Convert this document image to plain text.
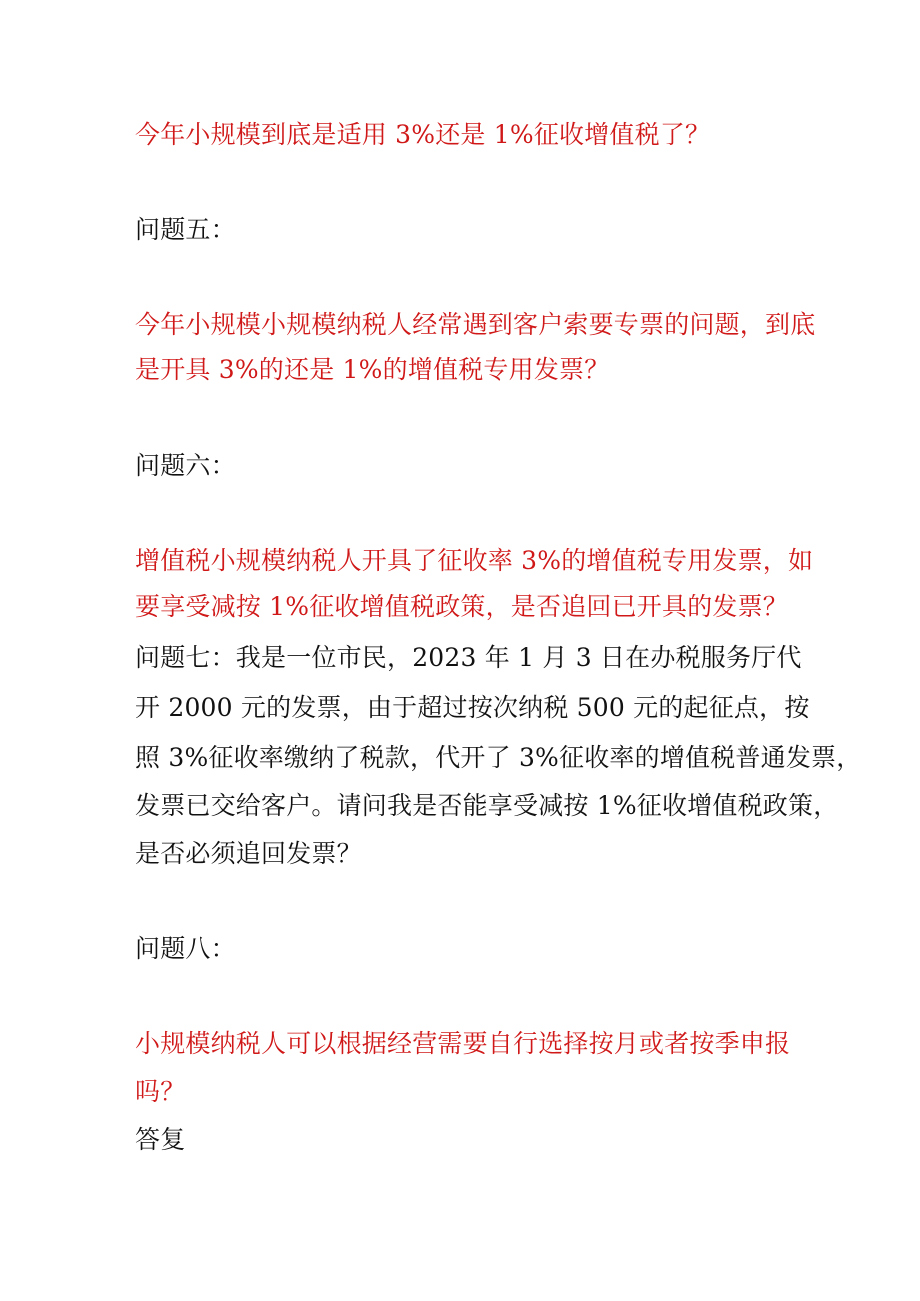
今年小规模到底是适用 3%还是 1%征收增值税了？
问题五：
今年小规模小规模纳税人经常遇到客户索要专票的问题，到底
是开具 3%的还是 1%的增值税专用发票？
问题六：
增值税小规模纳税人开具了征收率 3%的增值税专用发票，如
要享受减按 1%征收增值税政策，是否追回已开具的发票？
问题七：我是一位市民，2023 年 1 月 3 日在办税服务厅代
开 2000 元的发票，由于超过按次纳税 500 元的起征点，按
照 3%征收率缴纳了税款，代开了 3%征收率的增值税普通发票，
发票已交给客户。请问我是否能享受减按 1%征收增值税政策，
是否必须追回发票？
问题八：
小规模纳税人可以根据经营需要自行选择按月或者按季申报
吗？
答复
